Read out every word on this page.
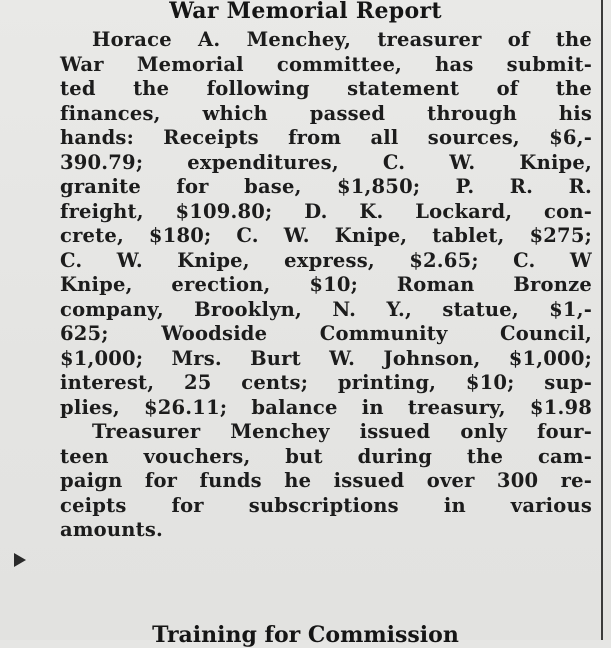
War Memorial Report
Horace A. Menchey, treasurer of the
War Memorial committee, has submit-
ted the following statement of the
finances, which passed through his
hands: Receipts from all sources, $6,-
390.79; expenditures, C. W. Knipe,
granite for base, $1,850; P. R. R.
freight, $109.80; D. K. Lockard, con-
crete, $180; C. W. Knipe, tablet, $275;
C. W. Knipe, express, $2.65; C. W
Knipe, erection, $10; Roman Bronze
company, Brooklyn, N. Y., statue, $1,-
625; Woodside Community Council,
$1,000; Mrs. Burt W. Johnson, $1,000;
interest, 25 cents; printing, $10; sup-
plies, $26.11; balance in treasury, $1.98
Treasurer Menchey issued only four-
teen vouchers, but during the cam-
paign for funds he issued over 300 re-
ceipts for subscriptions in various
amounts.
Training for Commission
